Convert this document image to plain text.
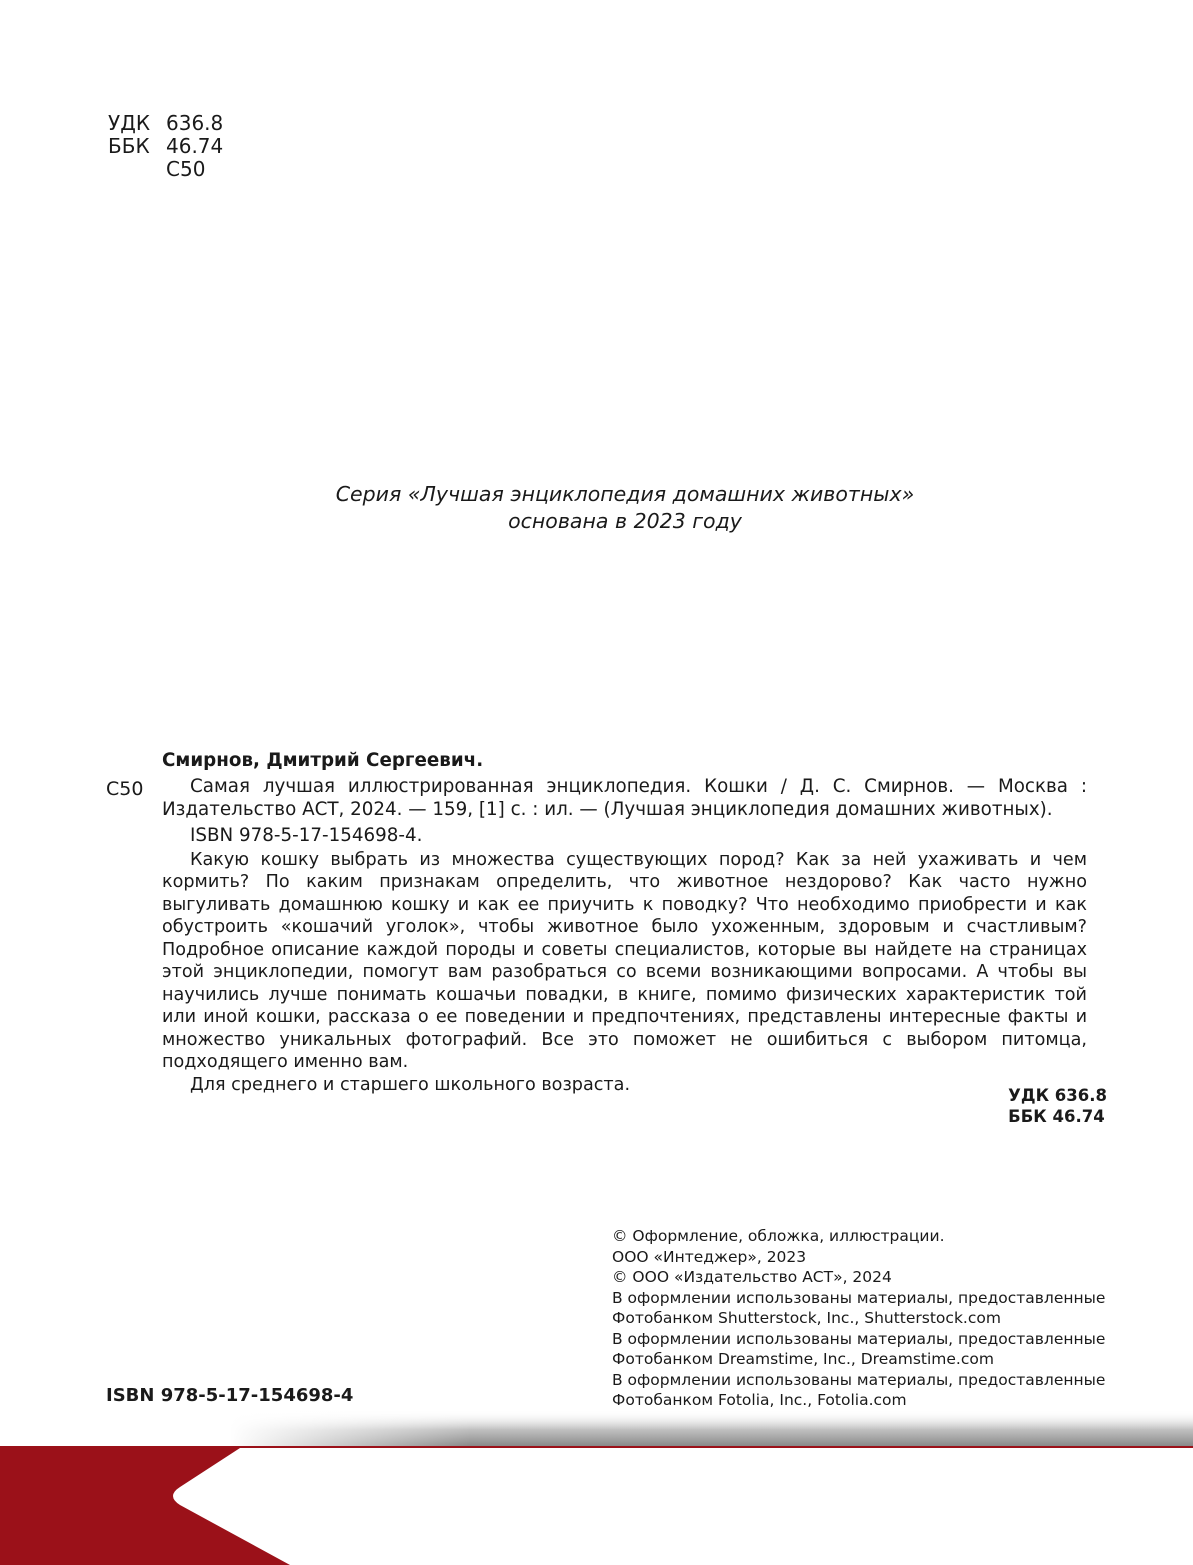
УДК 636.8
ББК 46.74
С50
Серия «Лучшая энциклопедия домашних животных»
основана в 2023 году
С50
Смирнов, Дмитрий Сергеевич.

Самая лучшая иллюстрированная энциклопедия. Кошки / Д. С. Смирнов. — Москва : Издательство АСТ, 2024. — 159, [1] с. : ил. — (Лучшая энциклопедия домашних животных).

ISBN 978-5-17-154698-4.

Какую кошку выбрать из множества существующих пород? Как за ней ухаживать и чем кормить? По каким признакам определить, что животное нездорово? Как часто нужно выгуливать домашнюю кошку и как ее приучить к поводку? Что необходимо приобрести и как обустроить «кошачий уголок», чтобы животное было ухоженным, здоровым и счастливым? Подробное описание каждой породы и советы специалистов, которые вы найдете на страницах этой энциклопедии, помогут вам разобраться со всеми возникающими вопросами. А чтобы вы научились лучше понимать кошачьи повадки, в книге, помимо физических характеристик той или иной кошки, рассказа о ее поведении и предпочтениях, представлены интересные факты и множество уникальных фотографий. Все это поможет не ошибиться с выбором питомца, подходящего именно вам.

Для среднего и старшего школьного возраста.

УДК 636.8
ББК 46.74
© Оформление, обложка, иллюстрации.
ООО «Интеджер», 2023
© ООО «Издательство АСТ», 2024
В оформлении использованы материалы, предоставленные
Фотобанком Shutterstock, Inc., Shutterstock.com
В оформлении использованы материалы, предоставленные
Фотобанком Dreamstime, Inc., Dreamstime.com
В оформлении использованы материалы, предоставленные
Фотобанком Fotolia, Inc., Fotolia.com
ISBN 978-5-17-154698-4
